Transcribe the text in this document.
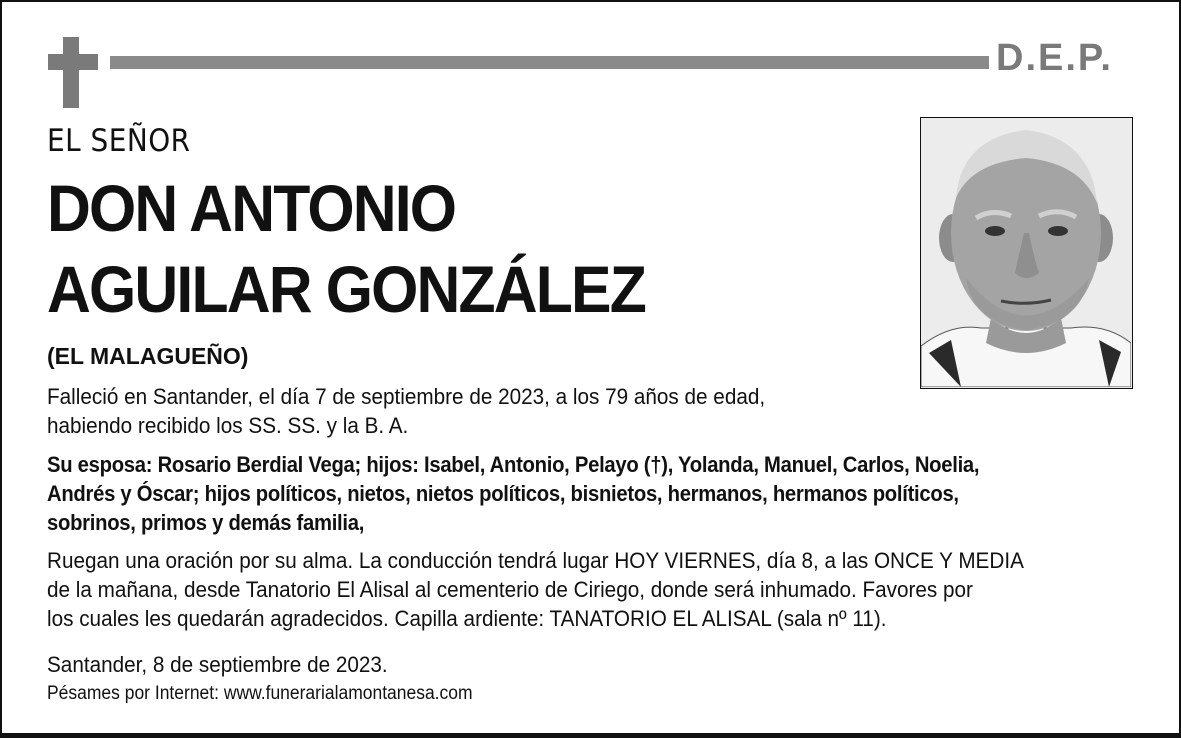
D.E.P.
EL SEÑOR
DON ANTONIO
AGUILAR GONZÁLEZ
(EL MALAGUEÑO)
Falleció en Santander, el día 7 de septiembre de 2023, a los 79 años de edad,
habiendo recibido los SS. SS. y la B. A.
Su esposa: Rosario Berdial Vega; hijos: Isabel, Antonio, Pelayo (†), Yolanda, Manuel, Carlos, Noelia,
Andrés y Óscar; hijos políticos, nietos, nietos políticos, bisnietos, hermanos, hermanos políticos,
sobrinos, primos y demás familia,
Ruegan una oración por su alma. La conducción tendrá lugar HOY VIERNES, día 8, a las ONCE Y MEDIA
de la mañana, desde Tanatorio El Alisal al cementerio de Ciriego, donde será inhumado. Favores por
los cuales les quedarán agradecidos. Capilla ardiente: TANATORIO EL ALISAL (sala nº 11).
Santander, 8 de septiembre de 2023.
Pésames por Internet: www.funerarialamontanesa.com
